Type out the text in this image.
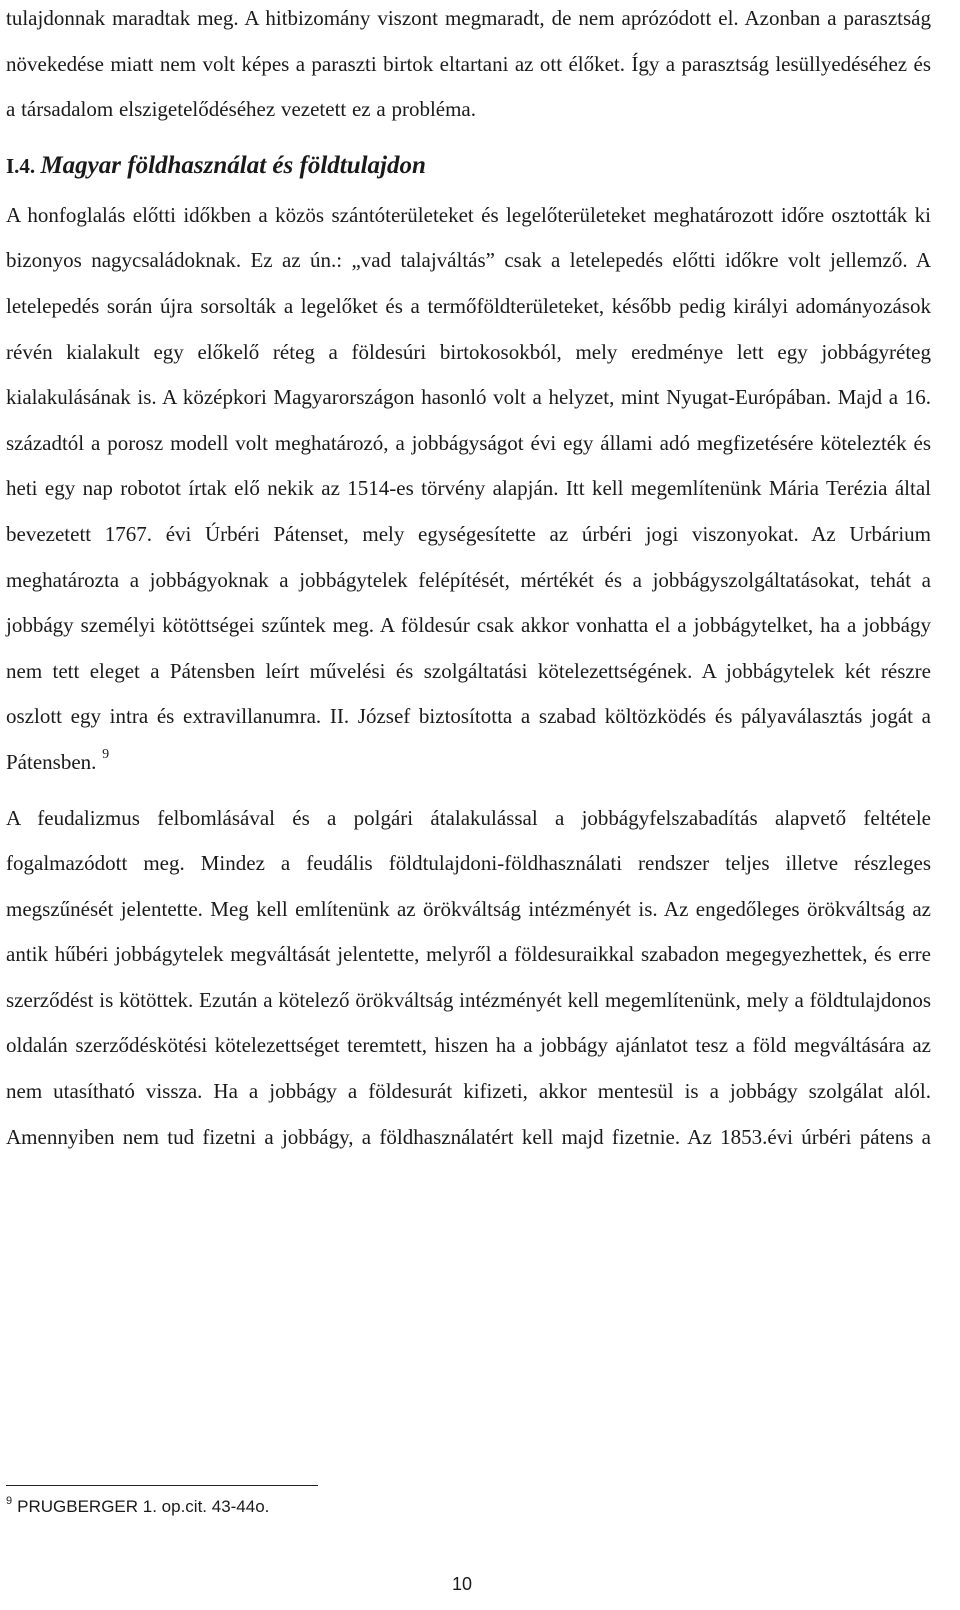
tulajdonnak maradtak meg. A hitbizomány viszont megmaradt, de nem aprózódott el. Azonban a parasztság növekedése miatt nem volt képes a paraszti birtok eltartani az ott élőket. Így a parasztság lesüllyedéséhez és a társadalom elszigetelődéséhez vezetett ez a probléma.

I.4. Magyar földhasználat és földtulajdon

A honfoglalás előtti időkben a közös szántóterületeket és legelőterületeket meghatározott időre osztották ki bizonyos nagycsaládoknak. Ez az ún.: „vad talajváltás” csak a letelepedés előtti időkre volt jellemző. A letelepedés során újra sorsolták a legelőket és a termőföldterületeket, később pedig királyi adományozások révén kialakult egy előkelő réteg a földesúri birtokosokból, mely eredménye lett egy jobbágyréteg kialakulásának is. A középkori Magyarországon hasonló volt a helyzet, mint Nyugat-Európában. Majd a 16. századtól a porosz modell volt meghatározó, a jobbágyságot évi egy állami adó megfizetésére kötelezték és heti egy nap robotot írtak elő nekik az 1514-es törvény alapján. Itt kell megemlítenünk Mária Terézia által bevezetett 1767. évi Úrbéri Pátenset, mely egységesítette az úrbéri jogi viszonyokat. Az Urbárium meghatározta a jobbágyoknak a jobbágytelek felépítését, mértékét és a jobbágyszolgáltatásokat, tehát a jobbágy személyi kötöttségei szűntek meg. A földesúr csak akkor vonhatta el a jobbágytelket, ha a jobbágy nem tett eleget a Pátensben leírt művelési és szolgáltatási kötelezettségének. A jobbágytelek két részre oszlott egy intra és extravillanumra. II. József biztosította a szabad költözködés és pályaválasztás jogát a Pátensben. $^9$

A feudalizmus felbomlásával és a polgári átalakulással a jobbágyfelszabadítás alapvető feltétele fogalmazódott meg. Mindez a feudális földtulajdoni-földhasználati rendszer teljes illetve részleges megszűnését jelentette. Meg kell említenünk az örökváltság intézményét is. Az engedőleges örökváltság az antik hűbéri jobbágytelek megváltását jelentette, melyről a földesuraikkal szabadon megegyezhettek, és erre szerződést is kötöttek. Ezután a kötelező örökváltság intézményét kell megemlítenünk, mely a földtulajdonos oldalán szerződéskötési kötelezettséget teremtett, hiszen ha a jobbágy ajánlatot tesz a föld megváltására az nem utasítható vissza. Ha a jobbágy a földesurát kifizeti, akkor mentesül is a jobbágy szolgálat alól. Amennyiben nem tud fizetni a jobbágy, a földhasználatért kell majd fizetnie. Az 1853.évi úrbéri pátens a

$^9$ PRUGBERGER 1. op.cit. 43-44o.
10
